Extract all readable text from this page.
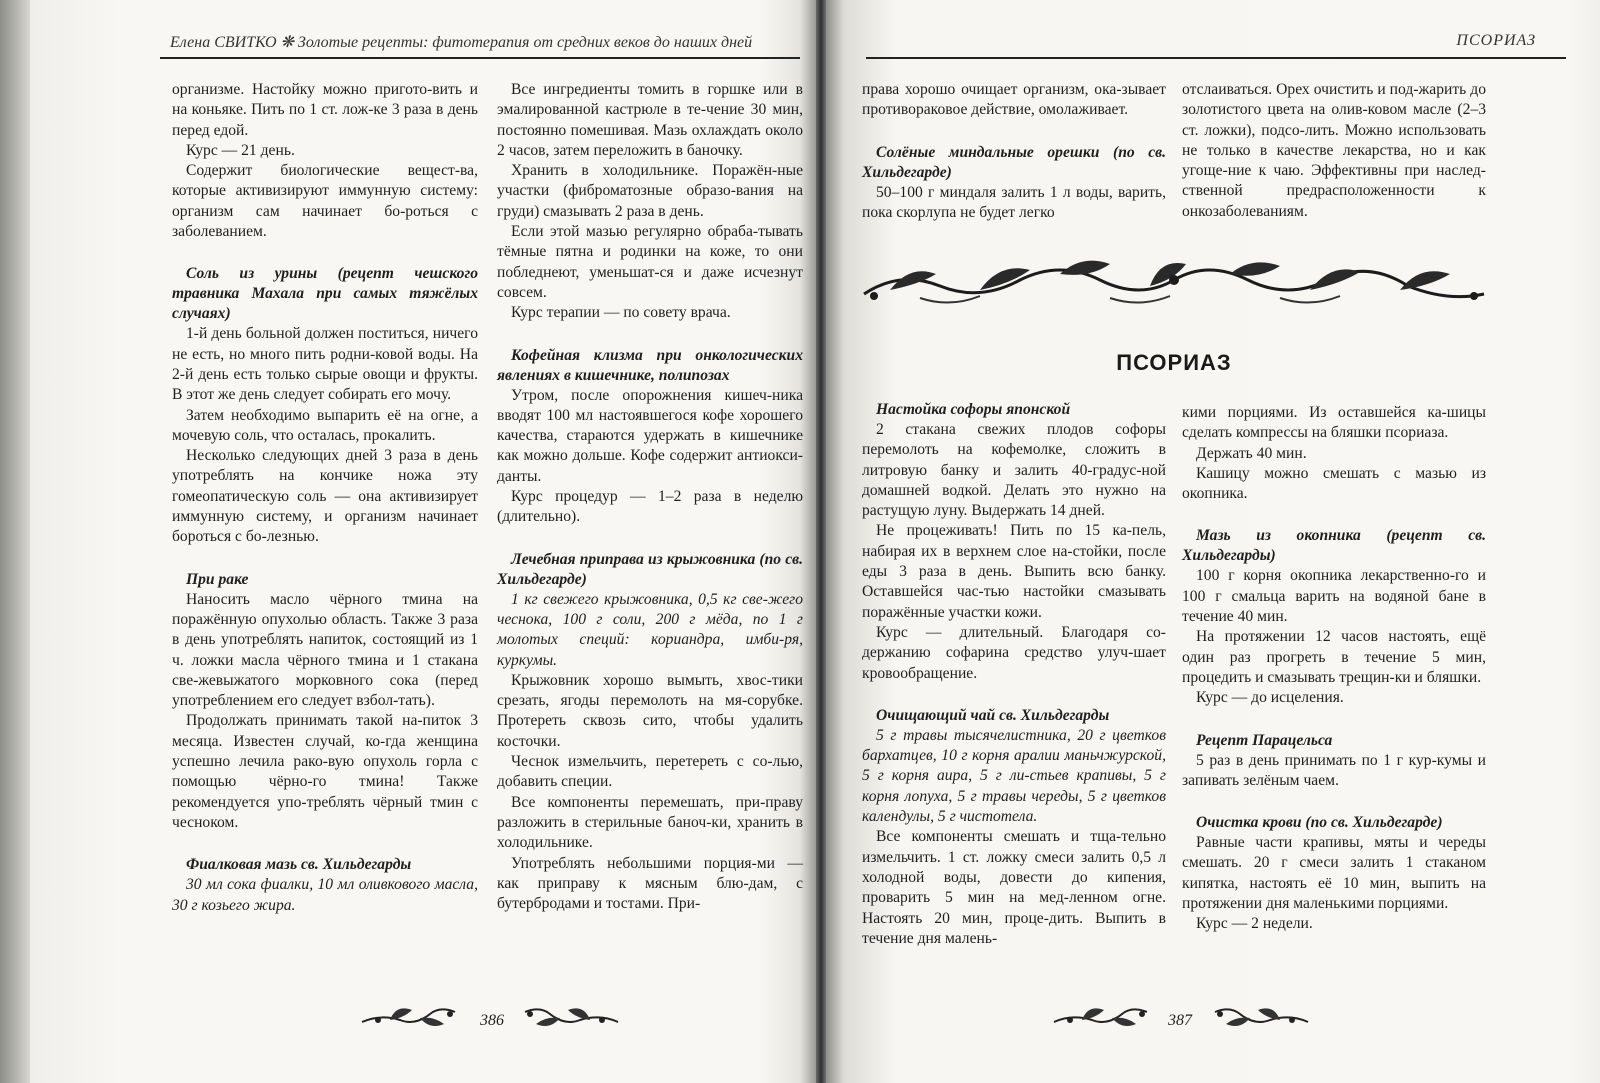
Елена СВИТКО ❋ Золотые рецепты: фитотерапия от средних веков до наших дней

организме. Настойку можно пригото-вить и на коньяке. Пить по 1 ст. лож-ке 3 раза в день перед едой.

Курс — 21 день.

Содержит биологические вещест-ва, которые активизируют иммунную систему: организм сам начинает бо-роться с заболеванием.

Соль из урины (рецепт чешского травника Махала при самых тяжёлых случаях)

1-й день больной должен поститься, ничего не есть, но много пить родни-ковой воды. На 2-й день есть только сырые овощи и фрукты. В этот же день следует собирать его мочу.

Затем необходимо выпарить её на огне, а мочевую соль, что осталась, прокалить.

Несколько следующих дней 3 раза в день употреблять на кончике ножа эту гомеопатическую соль — она активизирует иммунную систему, и организм начинает бороться с бо-лезнью.

При раке

Наносить масло чёрного тмина на поражённую опухолью область. Также 3 раза в день употреблять напиток, состоящий из 1 ч. ложки масла чёрного тмина и 1 стакана све-жевыжатого морковного сока (перед употреблением его следует взбол-тать).

Продолжать принимать такой на-питок 3 месяца. Известен случай, ко-гда женщина успешно лечила рако-вую опухоль горла с помощью чёрно-го тмина! Также рекомендуется упо-треблять чёрный тмин с чесноком.

Фиалковая мазь св. Хильдегарды

30 мл сока фиалки, 10 мл оливкового масла, 30 г козьего жира.

Все ингредиенты томить в горшке или в эмалированной кастрюле в те-чение 30 мин, постоянно помешивая. Мазь охлаждать около 2 часов, затем переложить в баночку.

Хранить в холодильнике. Поражён-ные участки (фиброматозные образо-вания на груди) смазывать 2 раза в день.

Если этой мазью регулярно обраба-тывать тёмные пятна и родинки на коже, то они побледнеют, уменьшат-ся и даже исчезнут совсем.

Курс терапии — по совету врача.

Кофейная клизма при онкологических явлениях в кишечнике, полипозах

Утром, после опорожнения кишеч-ника вводят 100 мл настоявшегося кофе хорошего качества, стараются удержать в кишечнике как можно дольше. Кофе содержит антиокси-данты.

Курс процедур — 1–2 раза в неделю (длительно).

Лечебная приправа из крыжовника (по св. Хильдегарде)

1 кг свежего крыжовника, 0,5 кг све-жего чеснока, 100 г соли, 200 г мёда, по 1 г молотых специй: кориандра, имби-ря, куркумы.

Крыжовник хорошо вымыть, хвос-тики срезать, ягоды перемолоть на мя-сорубке. Протереть сквозь сито, чтобы удалить косточки.

Чеснок измельчить, перетереть с со-лью, добавить специи.

Все компоненты перемешать, при-праву разложить в стерильные баноч-ки, хранить в холодильнике.

Употреблять небольшими порция-ми — как приправу к мясным блю-дам, с бутербродами и тостами. При-

386
ПСОРИАЗ

права хорошо очищает организм, ока-зывает противораковое действие, омолаживает.

Солёные миндальные орешки (по св. Хильдегарде)

50–100 г миндаля залить 1 л воды, варить, пока скорлупа не будет легко

отслаиваться. Орех очистить и под-жарить до золотистого цвета на олив-ковом масле (2–3 ст. ложки), подсо-лить. Можно использовать не только в качестве лекарства, но и как угоще-ние к чаю. Эффективны при наслед-ственной предрасположенности к онкозаболеваниям.

ПСОРИАЗ
Настойка софоры японской

2 стакана свежих плодов софоры перемолоть на кофемолке, сложить в литровую банку и залить 40-градус-ной домашней водкой. Делать это нужно на растущую луну. Выдержать 14 дней.

Не процеживать! Пить по 15 ка-пель, набирая их в верхнем слое на-стойки, после еды 3 раза в день. Выпить всю банку. Оставшейся час-тью настойки смазывать поражённые участки кожи.

Курс — длительный. Благодаря со-держанию софарина средство улуч-шает кровообращение.

Очищающий чай св. Хильдегарды

5 г травы тысячелистника, 20 г цветков бархатцев, 10 г корня аралии маньчжурской, 5 г корня аира, 5 г ли-стьев крапивы, 5 г корня лопуха, 5 г травы череды, 5 г цветков календулы, 5 г чистотела.

Все компоненты смешать и тща-тельно измельчить. 1 ст. ложку смеси залить 0,5 л холодной воды, довести до кипения, проварить 5 мин на мед-ленном огне. Настоять 20 мин, проце-дить. Выпить в течение дня малень-

кими порциями. Из оставшейся ка-шицы сделать компрессы на бляшки псориаза.

Держать 40 мин.

Кашицу можно смешать с мазью из окопника.

Мазь из окопника (рецепт св. Хильдегарды)

100 г корня окопника лекарственно-го и 100 г смальца варить на водяной бане в течение 40 мин.

На протяжении 12 часов настоять, ещё один раз прогреть в течение 5 мин, процедить и смазывать трещин-ки и бляшки.

Курс — до исцеления.

Рецепт Парацельса

5 раз в день принимать по 1 г кур-кумы и запивать зелёным чаем.

Очистка крови (по св. Хильдегарде)

Равные части крапивы, мяты и череды смешать. 20 г смеси залить 1 стаканом кипятка, настоять её 10 мин, выпить на протяжении дня маленькими порциями.

Курс — 2 недели.

387
